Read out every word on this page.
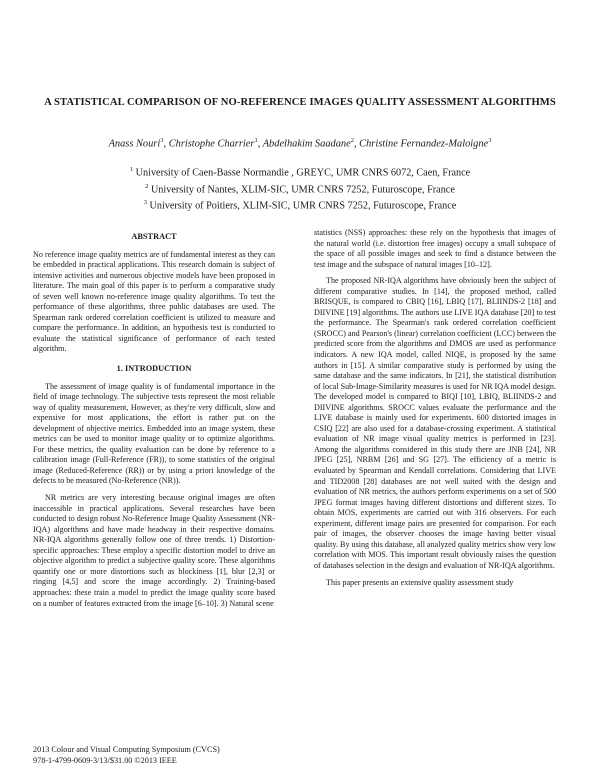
A STATISTICAL COMPARISON OF NO-REFERENCE IMAGES QUALITY ASSESSMENT ALGORITHMS
Anass Nouri$^3$, Christophe Charrier$^1$, Abdelhakim Saadane$^2$, Christine Fernandez-Maloigne$^3$
$^1$ University of Caen-Basse Normandie , GREYC, UMR CNRS 6072, Caen, France
$^2$ University of Nantes, XLIM-SIC, UMR CNRS 7252, Futuroscope, France
$^3$ University of Poitiers, XLIM-SIC, UMR CNRS 7252, Futuroscope, France

ABSTRACT

No reference image quality metrics are of fundamental interest as they can be embedded in practical applications. This research domain is subject of intensive activities and numerous objective models have been proposed in literature. The main goal of this paper is to perform a comparative study of seven well known no-reference image quality algorithms. To test the performance of these algorithms, three public databases are used. The Spearman rank ordered correlation coefficient is utilized to measure and compare the performance. In addition, an hypothesis test is conducted to evaluate the statistical significance of performance of each tested algorithm.

1. INTRODUCTION

The assessment of image quality is of fundamental importance in the field of image technology. The subjective tests represent the most reliable way of quality measurement, However, as they're very difficult, slow and expensive for most applications, the effort is rather put on the development of objective metrics. Embedded into an image system, these metrics can be used to monitor image quality or to optimize algorithms. For these metrics, the quality evaluation can be done by reference to a calibration image (Full-Reference (FR)), to some statistics of the original image (Reduced-Reference (RR)) or by using a priori knowledge of the defects to be measured (No-Reference (NR)).

NR metrics are very interesting because original images are often inaccessible in practical applications. Several researches have been conducted to design robust No-Reference Image Quality Assessment (NR-IQA) algorithms and have made headway in their respective domains. NR-IQA algorithms generally follow one of three trends. 1) Distortion-specific approaches: These employ a specific distortion model to drive an objective algorithm to predict a subjective quality score. These algorithms quantify one or more distortions such as blockiness [1], blur [2,3] or ringing [4,5] and score the image accordingly. 2) Training-based approaches: these train a model to predict the image quality score based on a number of features extracted from the image [6–10]. 3) Natural scene

statistics (NSS) approaches: these rely on the hypothesis that images of the natural world (i.e. distortion free images) occupy a small subspace of the space of all possible images and seek to find a distance between the test image and the subspace of natural images [10–12].

The proposed NR-IQA algorithms have obviously been the subject of different comparative studies. In [14], the proposed method, called BRISQUE, is compared to CBIQ [16], LBIQ [17], BLIINDS-2 [18] and DIIVINE [19] algorithms. The authors use LIVE IQA database [20] to test the performance. The Spearman's rank ordered correlation coefficient (SROCC) and Pearson's (linear) correlation coefficient (LCC) between the predicted score from the algorithms and DMOS are used as performance indicators. A new IQA model, called NIQE, is proposed by the same authors in [15]. A similar comparative study is performed by using the same database and the same indicators. In [21], the statistical distribution of local Sub-Image-Similarity measures is used for NR IQA model design. The developed model is compared to BIQI [10], LBIQ, BLIINDS-2 and DIIVINE algorithms. SROCC values evaluate the performance and the LIVE database is mainly used for experiments. 600 distorted images in CSIQ [22] are also used for a database-crossing experiment. A statistical evaluation of NR image visual quality metrics is performed in [23]. Among the algorithms considered in this study there are JNB [24], NR JPEG [25], NRBM [26] and SG [27]. The efficiency of a metric is evaluated by Spearman and Kendall correlations. Considering that LIVE and TID2008 [28] databases are not well suited with the design and evaluation of NR metrics, the authors perform experiments on a set of 500 JPEG format images having different distortions and different sizes. To obtain MOS, experiments are carried out with 316 observers. For each experiment, different image pairs are presented for comparison. For each pair of images, the observer chooses the image having better visual quality. By using this database, all analyzed quality metrics show very low correlation with MOS. This important result obviously raises the question of databases selection in the design and evaluation of NR-IQA algorithms.

This paper presents an extensive quality assessment study

2013 Colour and Visual Computing Symposium (CVCS)
978-1-4799-0609-3/13/$31.00 ©2013 IEEE
